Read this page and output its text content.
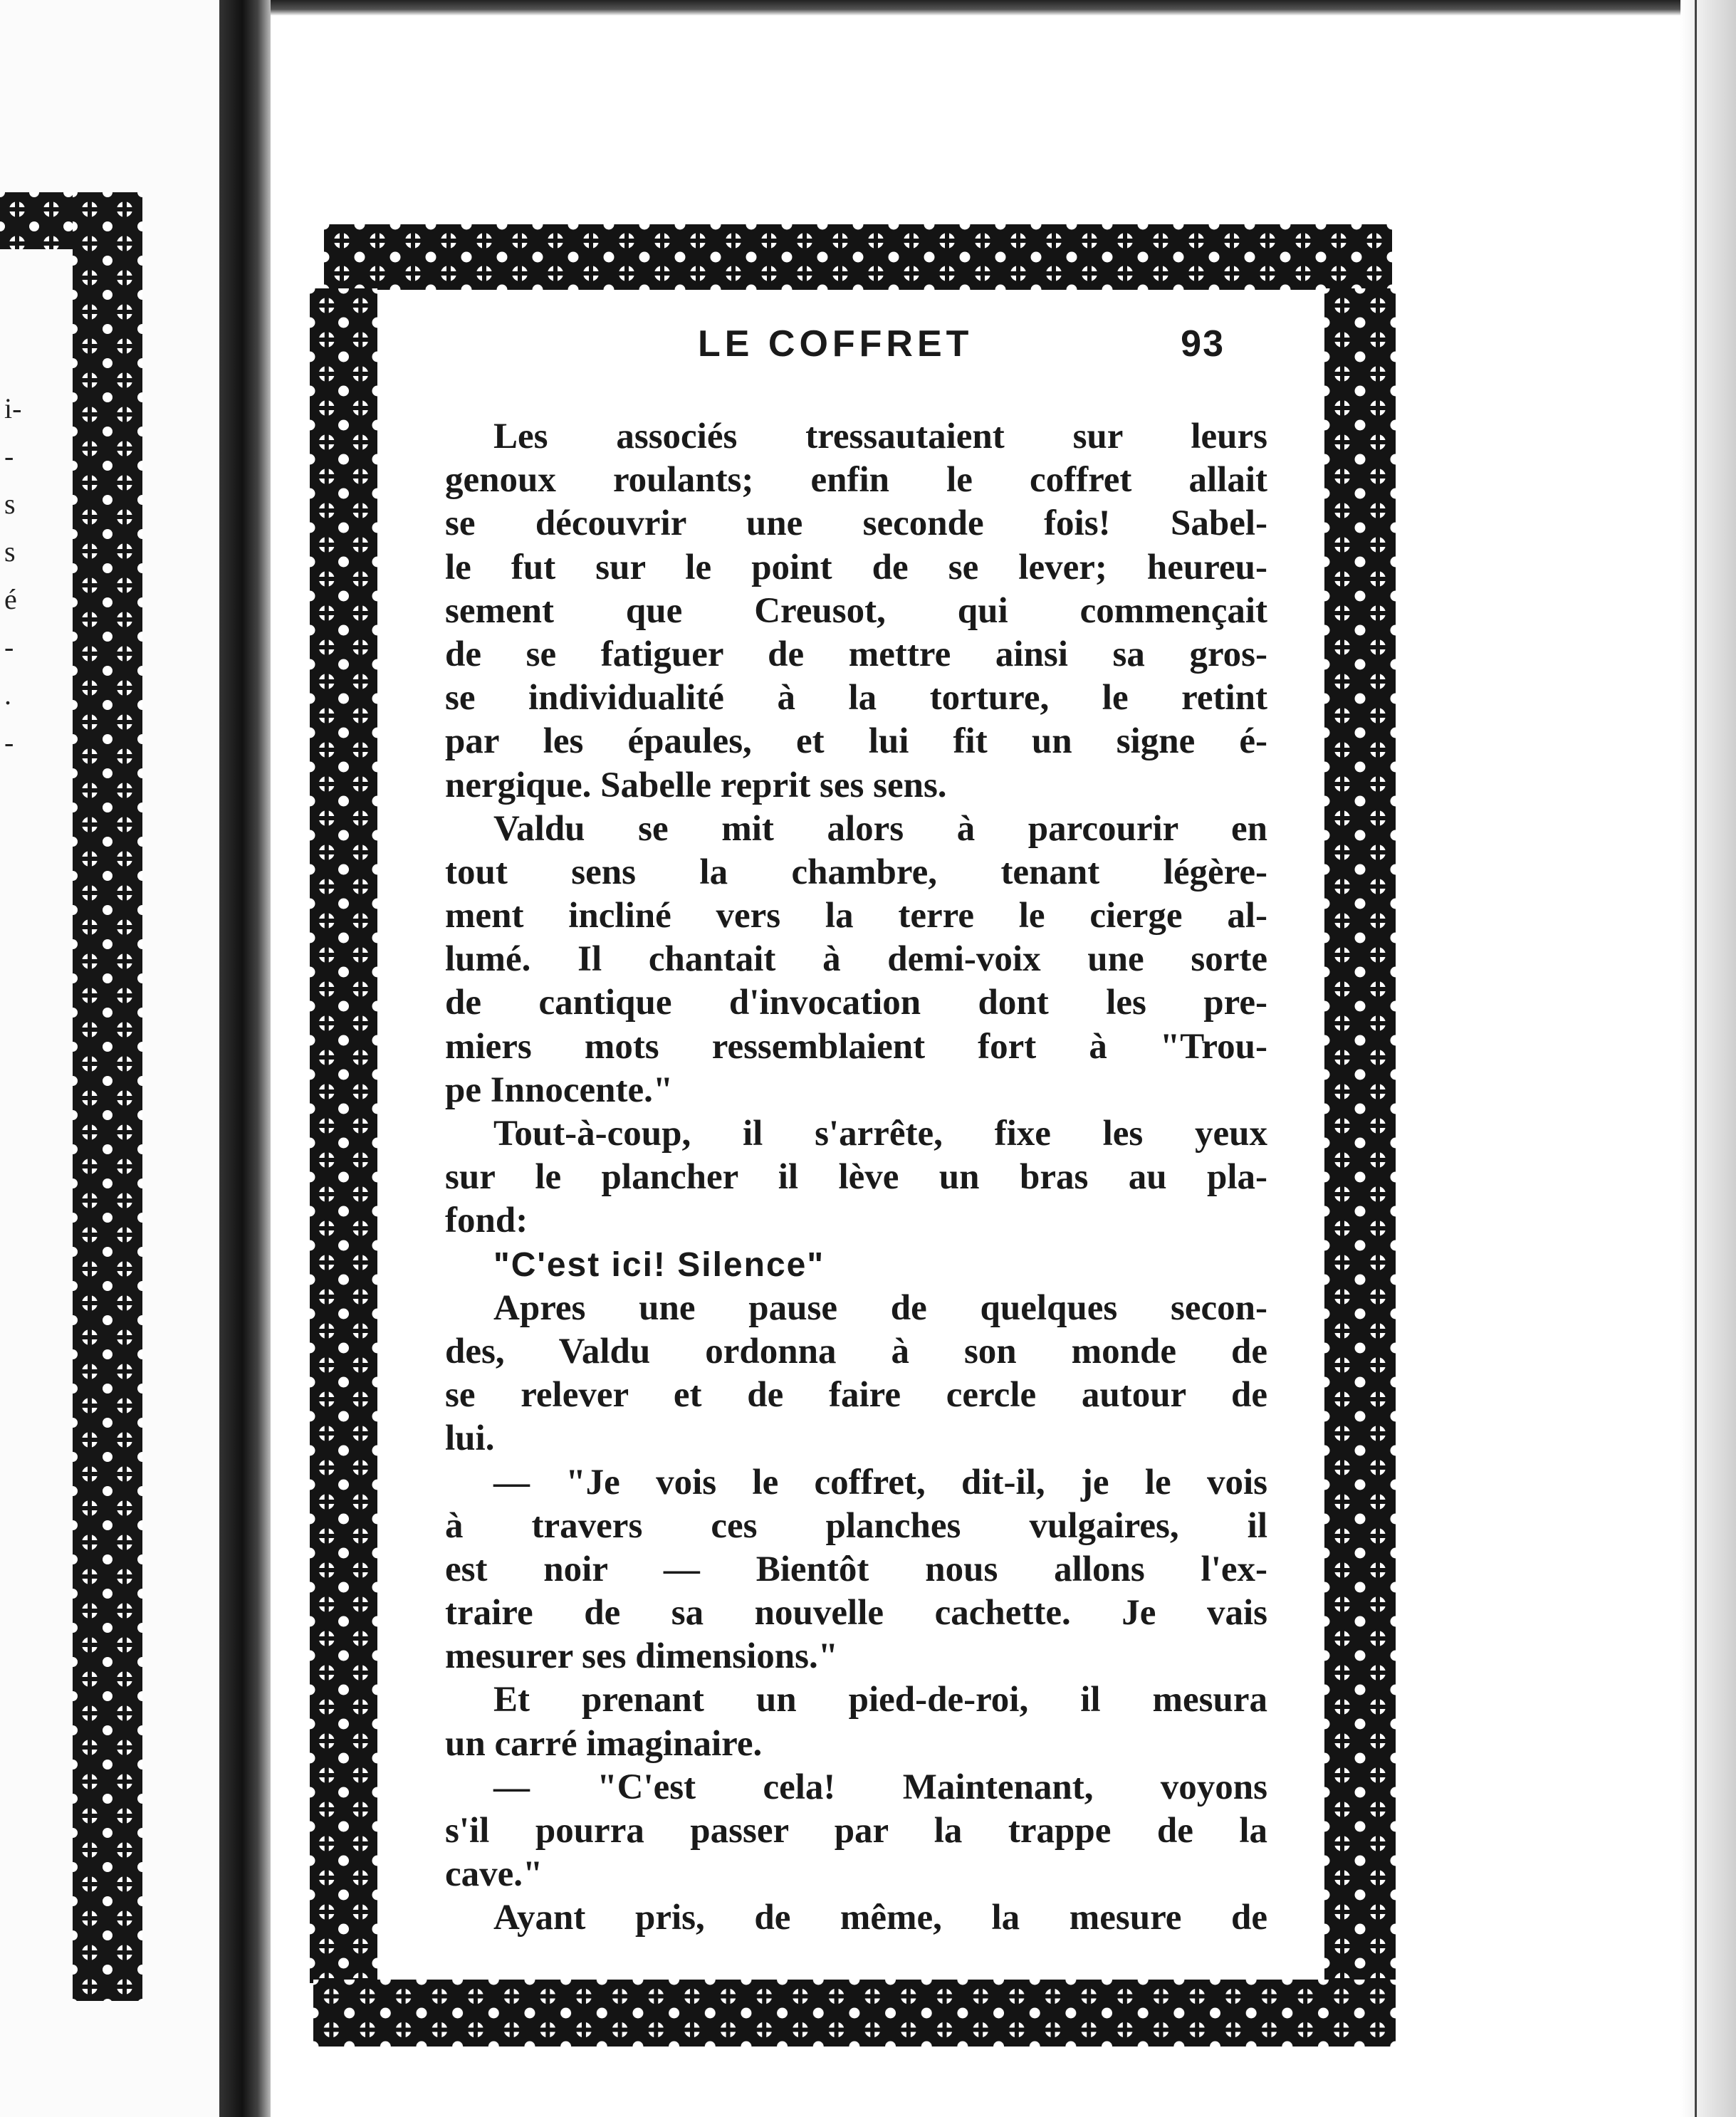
i-
-
s
s
é
-
.
-
LE COFFRET	93
Les associés tressautaient sur leurs
genoux roulants; enfin le coffret allait
se découvrir une seconde fois! Sabel-
le fut sur le point de se lever; heureu-
sement que Creusot, qui commençait
de se fatiguer de mettre ainsi sa gros-
se individualité à la torture, le retint
par les épaules, et lui fit un signe é-
nergique. Sabelle reprit ses sens.
Valdu se mit alors à parcourir en
tout sens la chambre, tenant légère-
ment incliné vers la terre le cierge al-
lumé. Il chantait à demi-voix une sorte
de cantique d'invocation dont les pre-
miers mots ressemblaient fort à "Trou-
pe Innocente."
Tout-à-coup, il s'arrête, fixe les yeux
sur le plancher il lève un bras au pla-
fond:
"C'est ici! Silence"
Apres une pause de quelques secon-
des, Valdu ordonna à son monde de
se relever et de faire cercle autour de
lui.
— "Je vois le coffret, dit-il, je le vois
à travers ces planches vulgaires, il
est noir — Bientôt nous allons l'ex-
traire de sa nouvelle cachette. Je vais
mesurer ses dimensions."
Et prenant un pied-de-roi, il mesura
un carré imaginaire.
— "C'est cela! Maintenant, voyons
s'il pourra passer par la trappe de la
cave."
Ayant pris, de même, la mesure de
